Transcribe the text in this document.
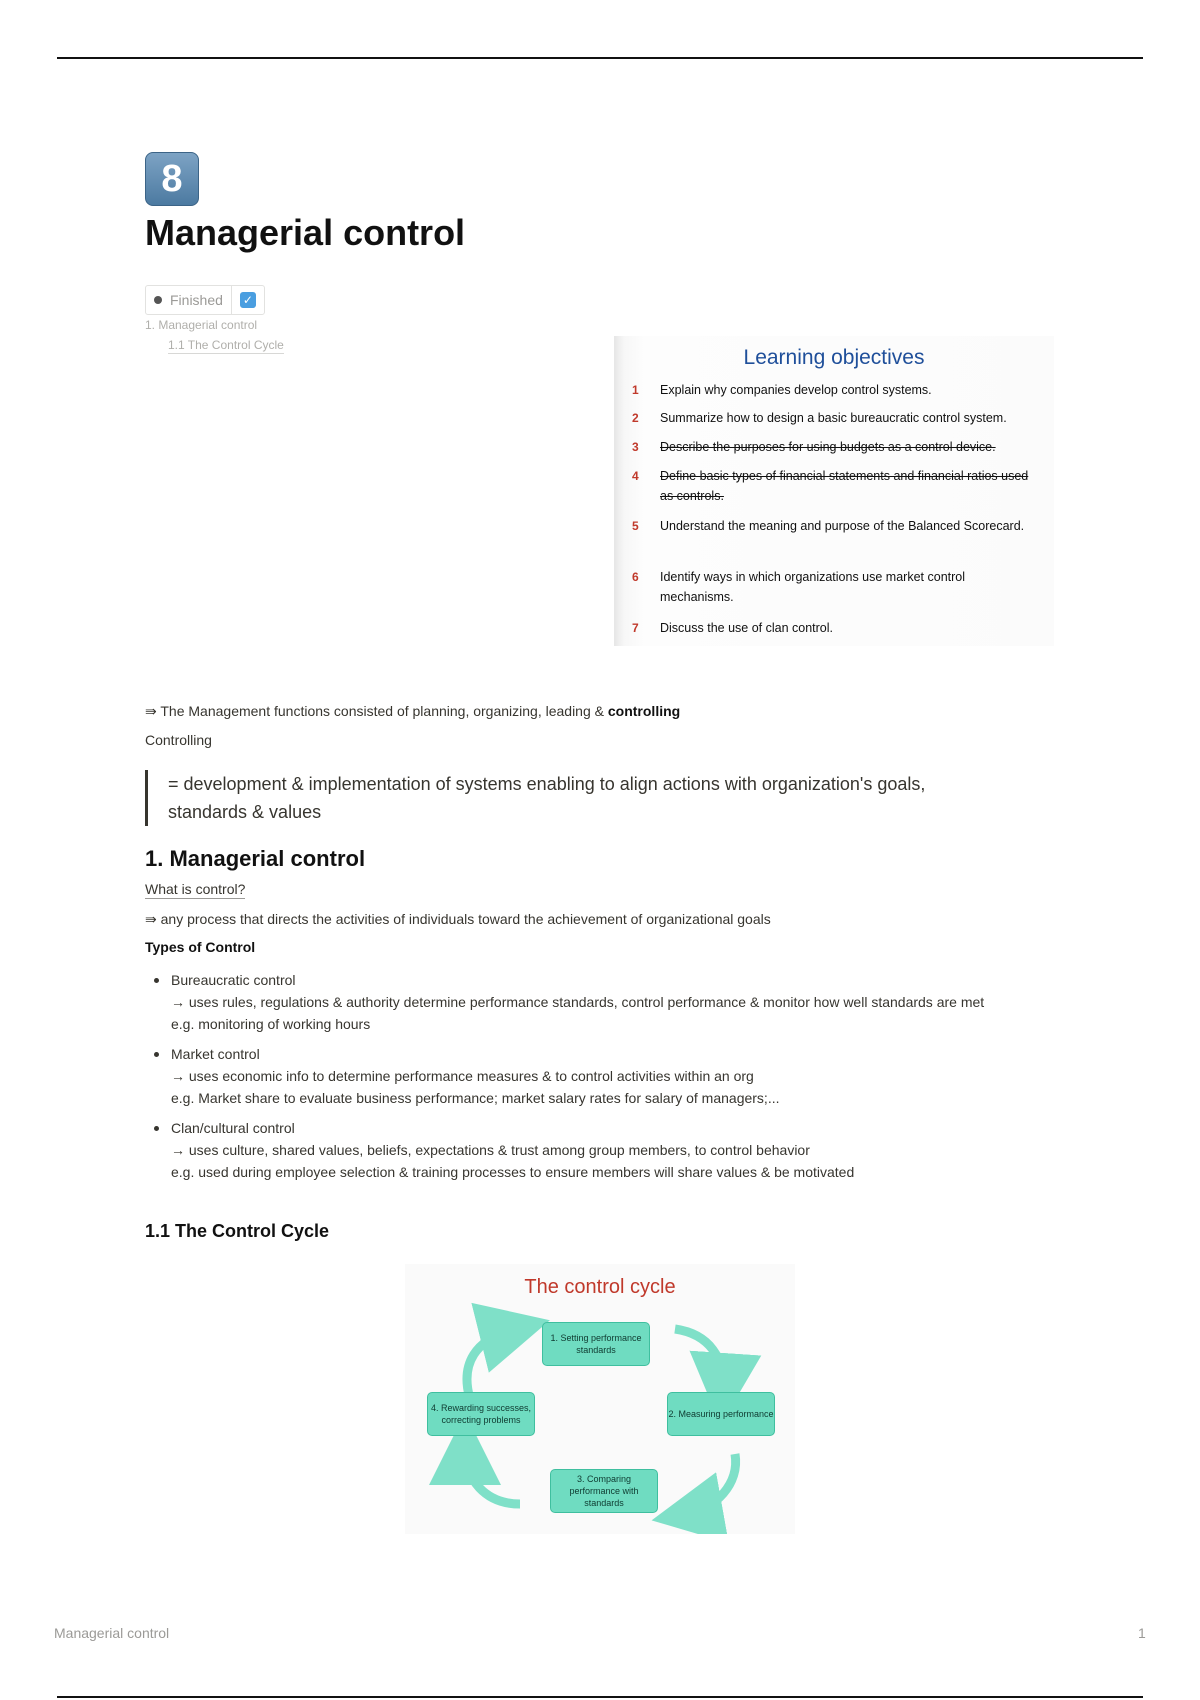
8
Managerial control
Finished ✓
1. Managerial control
1.1 The Control Cycle
Learning objectives
1	Explain why companies develop control systems.
2	Summarize how to design a basic bureaucratic control system.
3	Describe the purposes for using budgets as a control device.
4	Define basic types of financial statements and financial ratios used as controls.
5	Understand the meaning and purpose of the Balanced Scorecard.
6	Identify ways in which organizations use market control mechanisms.
7	Discuss the use of clan control.
⇛ The Management functions consisted of planning, organizing, leading & controlling
Controlling
= development & implementation of systems enabling to align actions with organization's goals, standards & values
1. Managerial control
What is control?
⇛ any process that directs the activities of individuals toward the achievement of organizational goals
Types of Control
Bureaucratic control
→ uses rules, regulations & authority determine performance standards, control performance & monitor how well standards are met
e.g. monitoring of working hours
Market control
→ uses economic info to determine performance measures & to control activities within an org
e.g. Market share to evaluate business performance; market salary rates for salary of managers;...
Clan/cultural control
→ uses culture, shared values, beliefs, expectations & trust among group members, to control behavior
e.g. used during employee selection & training processes to ensure members will share values & be motivated
1.1 The Control Cycle
The control cycle
1. Setting performance standards
2. Measuring performance
3. Comparing performance with standards
4. Rewarding successes, correcting problems
Managerial control	1
